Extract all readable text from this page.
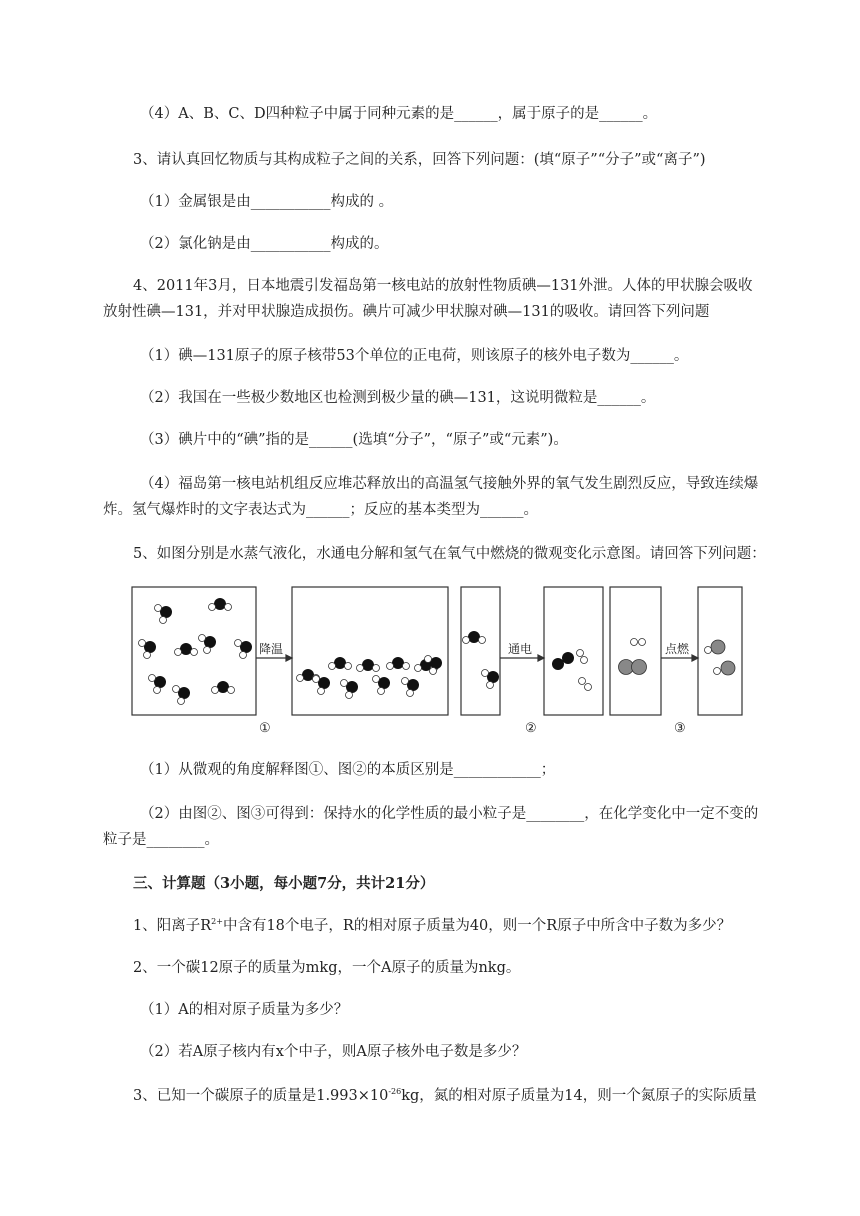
（4）A、B、C、D四种粒子中属于同种元素的是______，属于原子的是______。
3、请认真回忆物质与其构成粒子之间的关系，回答下列问题：(填“原子”“分子”或“离子”)
（1）金属银是由___________构成的 。
（2）氯化钠是由___________构成的。
4、2011年3月，日本地震引发福岛第一核电站的放射性物质碘—131外泄。人体的甲状腺会吸收
放射性碘—131，并对甲状腺造成损伤。碘片可减少甲状腺对碘—131的吸收。请回答下列问题
（1）碘—131原子的原子核带53个单位的正电荷，则该原子的核外电子数为______。
（2）我国在一些极少数地区也检测到极少量的碘—131，这说明微粒是______。
（3）碘片中的“碘”指的是______(选填“分子”，“原子”或“元素”)。
（4）福岛第一核电站机组反应堆芯释放出的高温氢气接触外界的氧气发生剧烈反应，导致连续爆
炸。氢气爆炸时的文字表达式为______；反应的基本类型为______。
5、如图分别是水蒸气液化，水通电分解和氢气在氧气中燃烧的微观变化示意图。请回答下列问题：
降温	通电	点燃
①	②	③
（1）从微观的角度解释图①、图②的本质区别是____________；
（2）由图②、图③可得到：保持水的化学性质的最小粒子是________，在化学变化中一定不变的
粒子是________。
三、计算题（3小题，每小题7分，共计21分）
1、阳离子$R^{2+}$中含有18个电子，R的相对原子质量为40，则一个R原子中所含中子数为多少？
2、一个碳12原子的质量为mkg，一个A原子的质量为nkg。
（1）A的相对原子质量为多少？
（2）若A原子核内有x个中子，则A原子核外电子数是多少？
3、已知一个碳原子的质量是$1.993\times 10^{-26}kg$，氮的相对原子质量为14，则一个氮原子的实际质量
